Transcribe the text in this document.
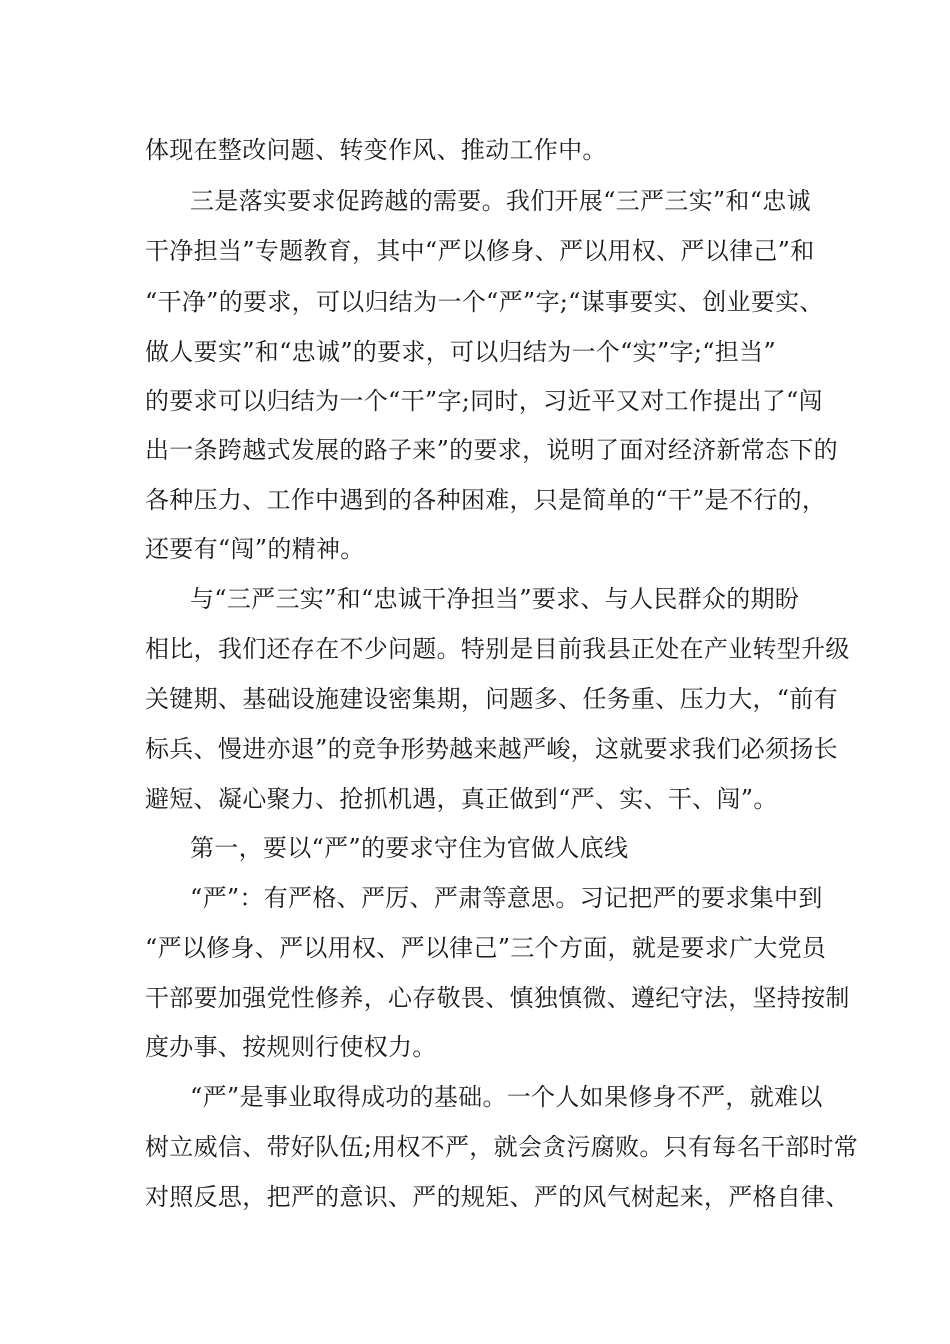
体现在整改问题、转变作风、推动工作中。
三是落实要求促跨越的需要。我们开展“三严三实”和“忠诚
干净担当”专题教育，其中“严以修身、严以用权、严以律己”和
“干净”的要求，可以归结为一个“严”字;“谋事要实、创业要实、
做人要实”和“忠诚”的要求，可以归结为一个“实”字;“担当”
的要求可以归结为一个“干”字;同时，习近平又对工作提出了“闯
出一条跨越式发展的路子来”的要求，说明了面对经济新常态下的
各种压力、工作中遇到的各种困难，只是简单的“干”是不行的，
还要有“闯”的精神。
与“三严三实”和“忠诚干净担当”要求、与人民群众的期盼
相比，我们还存在不少问题。特别是目前我县正处在产业转型升级
关键期、基础设施建设密集期，问题多、任务重、压力大，“前有
标兵、慢进亦退”的竞争形势越来越严峻，这就要求我们必须扬长
避短、凝心聚力、抢抓机遇，真正做到“严、实、干、闯”。
第一，要以“严”的要求守住为官做人底线
“严”：有严格、严厉、严肃等意思。习记把严的要求集中到
“严以修身、严以用权、严以律己”三个方面，就是要求广大党员
干部要加强党性修养，心存敬畏、慎独慎微、遵纪守法，坚持按制
度办事、按规则行使权力。
“严”是事业取得成功的基础。一个人如果修身不严，就难以
树立威信、带好队伍;用权不严，就会贪污腐败。只有每名干部时常
对照反思，把严的意识、严的规矩、严的风气树起来，严格自律、
